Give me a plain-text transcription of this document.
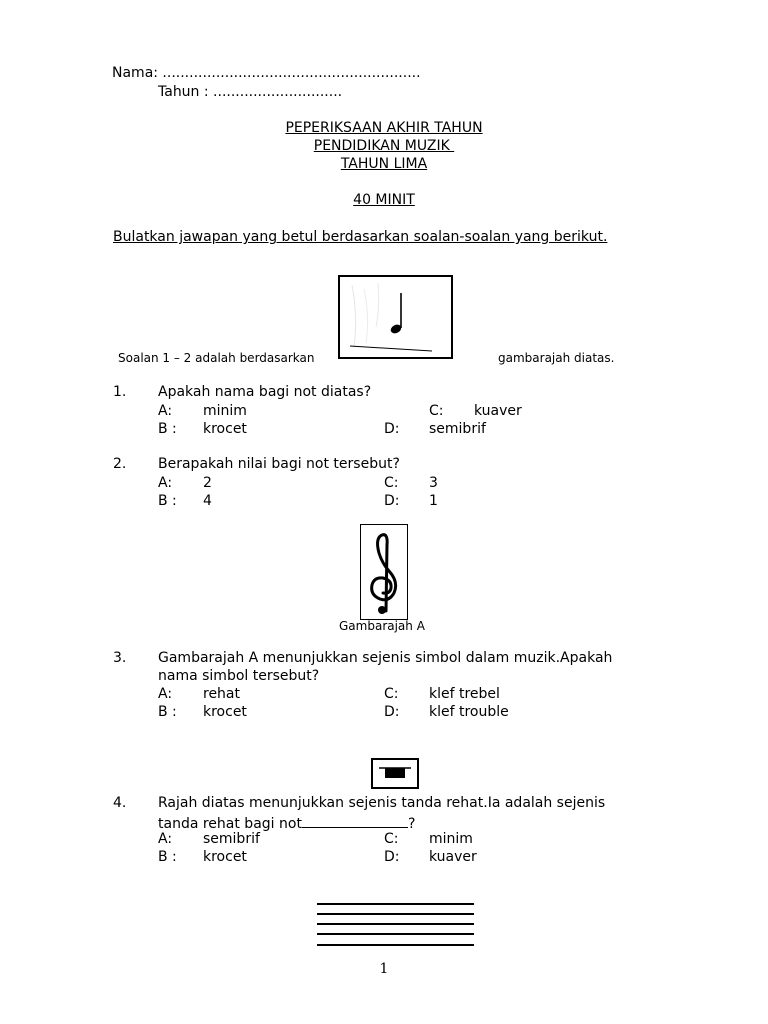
Nama: ..........................................................
Tahun : .............................
PEPERIKSAAN AKHIR TAHUN
PENDIDIKAN MUZIK
TAHUN LIMA
40 MINIT
Bulatkan jawapan yang betul berdasarkan soalan-soalan yang berikut.
Soalan 1 – 2 adalah berdasarkan	gambarajah diatas.
1. Apakah nama bagi not diatas?
A: minim	C: kuaver
B : krocet	D: semibrif
2. Berapakah nilai bagi not tersebut?
A: 2	C: 3
B : 4	D: 1
Gambarajah A
3. Gambarajah A menunjukkan sejenis simbol dalam muzik.Apakah
nama simbol tersebut?
A: rehat	C: klef trebel
B : krocet	D: klef trouble
4. Rajah diatas menunjukkan sejenis tanda rehat.Ia adalah sejenis
tanda rehat bagi not	?
A: semibrif	C: minim
B : krocet	D: kuaver
1
